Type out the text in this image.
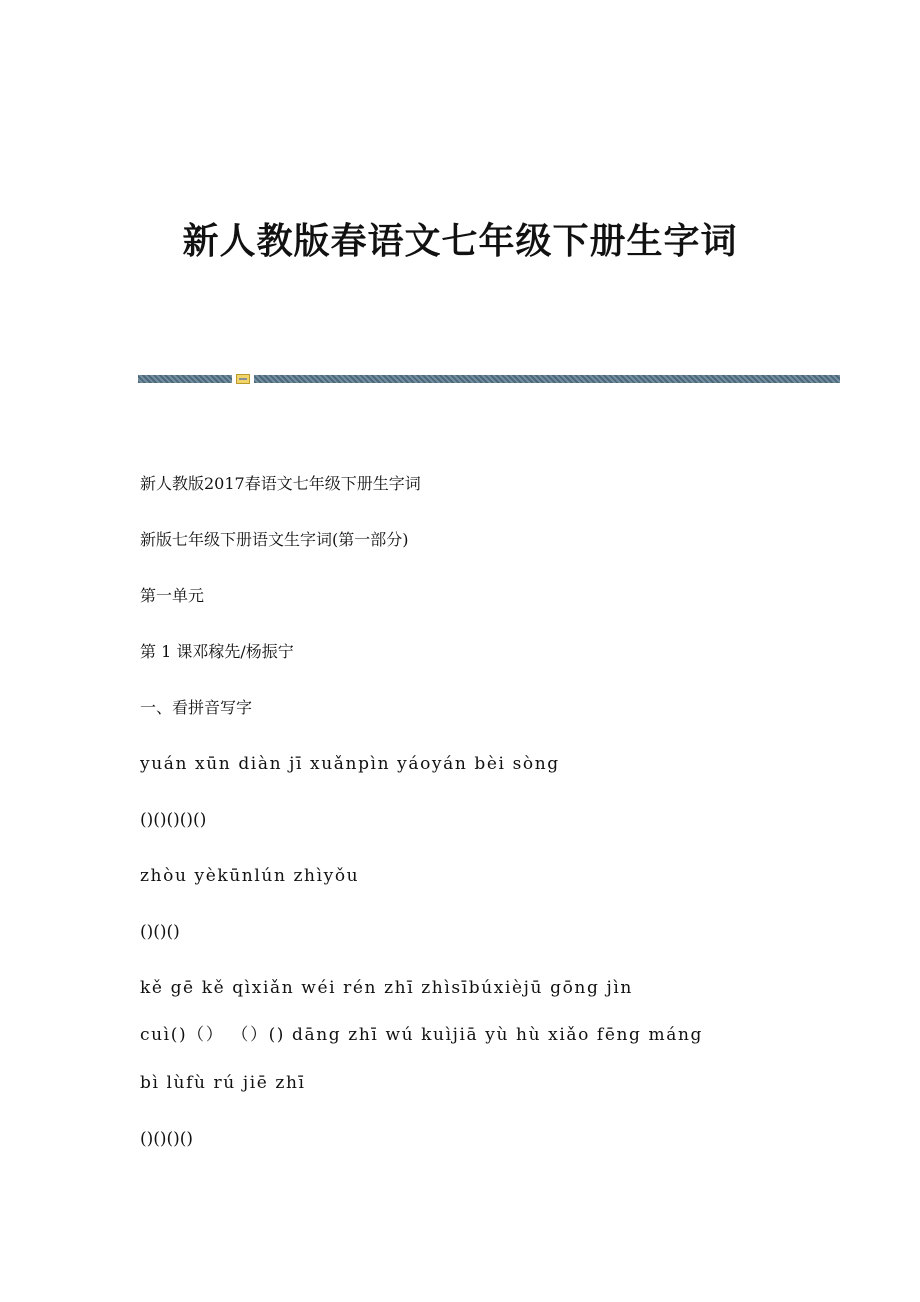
新人教版春语文七年级下册生字词
新人教版2017春语文七年级下册生字词
新版七年级下册语文生字词(第一部分)
第一单元
第 1 课邓稼先/杨振宁
一、看拼音写字
yuán xūn diàn jī xuǎnpìn yáoyán bèi sòng
()()()()()
zhòu yèkūnlún zhìyǒu
()()()
kě gē kě qìxiǎn wéi rén zhī zhìsībúxièjū gōng jìn
cuì()（） （）() dāng zhī wú kuìjiā yù hù xiǎo fēng máng
bì lùfù rú jiē zhī
()()()()
